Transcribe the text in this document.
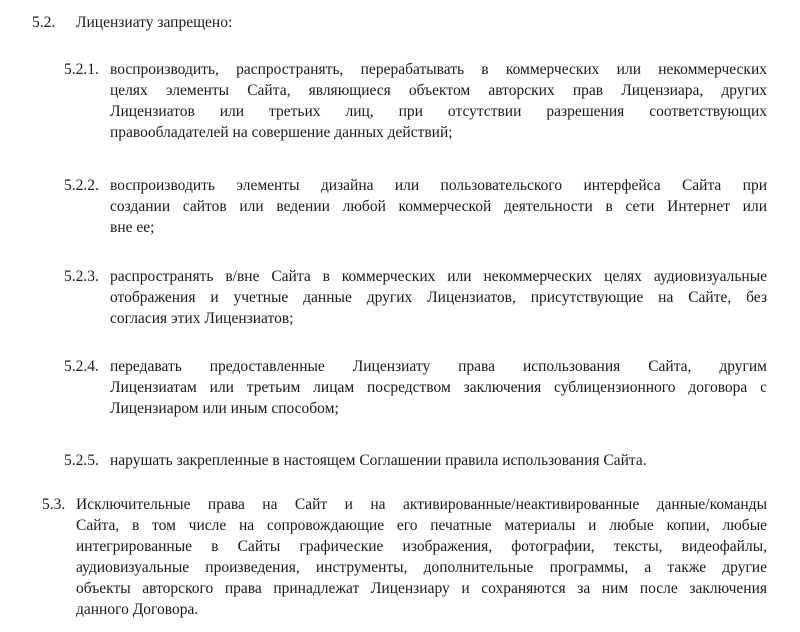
5.2. Лицензиату запрещено:
5.2.1. воспроизводить, распространять, перерабатывать в коммерческих или некоммерческих
целях элементы Сайта, являющиеся объектом авторских прав Лицензиара, других
Лицензиатов или третьих лиц, при отсутствии разрешения соответствующих
правообладателей на совершение данных действий;
5.2.2. воспроизводить элементы дизайна или пользовательского интерфейса Сайта при
создании сайтов или ведении любой коммерческой деятельности в сети Интернет или
вне ее;
5.2.3. распространять в/вне Сайта в коммерческих или некоммерческих целях аудиовизуальные
отображения и учетные данные других Лицензиатов, присутствующие на Сайте, без
согласия этих Лицензиатов;
5.2.4. передавать предоставленные Лицензиату права использования Сайта, другим
Лицензиатам или третьим лицам посредством заключения сублицензионного договора с
Лицензиаром или иным способом;
5.2.5. нарушать закрепленные в настоящем Соглашении правила использования Сайта.
5.3. Исключительные права на Сайт и на активированные/неактивированные данные/команды
Сайта, в том числе на сопровождающие его печатные материалы и любые копии, любые
интегрированные в Сайты графические изображения, фотографии, тексты, видеофайлы,
аудиовизуальные произведения, инструменты, дополнительные программы, а также другие
объекты авторского права принадлежат Лицензиару и сохраняются за ним после заключения
данного Договора.
